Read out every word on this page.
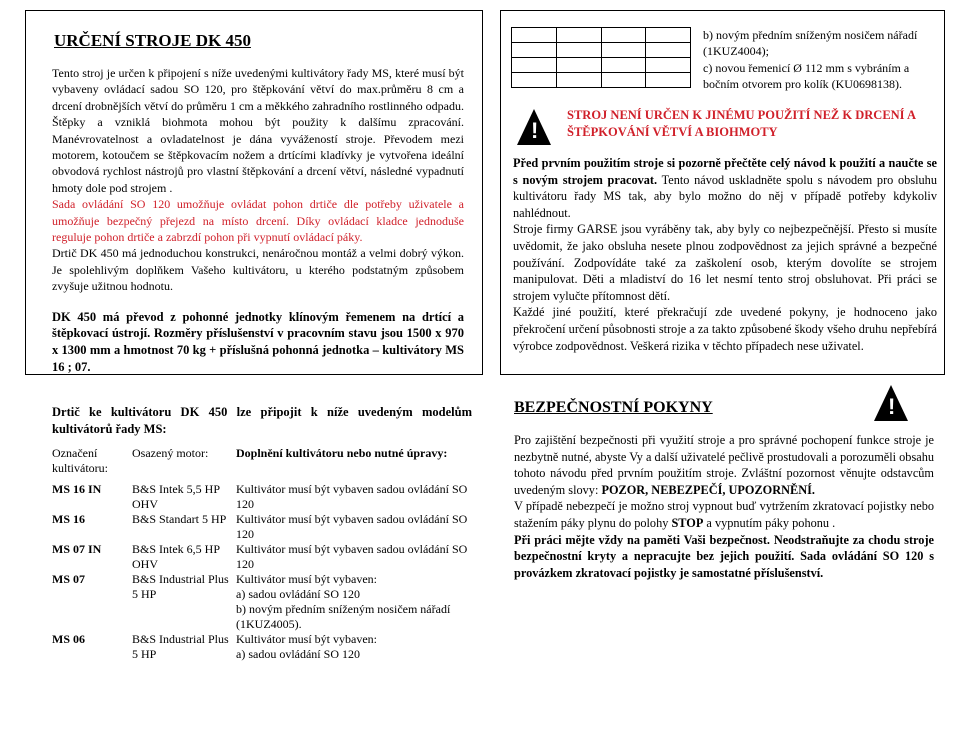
URČENÍ STROJE DK 450

Tento stroj je určen k připojení s níže uvedenými kultivátory řady MS, které musí být vybaveny ovládací sadou SO 120, pro štěpkování větví do max.průměru 8 cm a drcení drobnějších větví do průměru 1 cm a měkkého zahradního rostlinného odpadu. Štěpky a vzniklá biohmota mohou být použity k dalšímu zpracování. Manévrovatelnost a ovladatelnost je dána vyvážeností stroje. Převodem mezi motorem, kotoučem se štěpkovacím nožem a drtícími kladívky je vytvořena ideální obvodová rychlost nástrojů pro vlastní štěpkování a drcení větví, následné vypadnutí hmoty dole pod strojem .

Sada ovládání SO 120 umožňuje ovládat pohon drtiče dle potřeby uživatele a umožňuje bezpečný přejezd na místo drcení. Díky ovládací kladce jednoduše reguluje pohon drtiče a zabrzdí pohon při vypnutí ovládací páky.

Drtič DK 450 má jednoduchou konstrukci, nenáročnou montáž a velmi dobrý výkon. Je spolehlivým doplňkem Vašeho kultivátoru, u kterého podstatným způsobem zvyšuje užitnou hodnotu.

DK 450 má převod z pohonné jednotky klínovým řemenem na drtící a štěpkovací ústrojí. Rozměry příslušenství v pracovním stavu jsou 1500 x 970 x 1300 mm a hmotnost 70 kg + příslušná pohonná jednotka – kultivátory MS 16 ; 07.

b) novým předním sníženým nosičem nářadí (1KUZ4004);

c) novou řemenicí Ø 112 mm s vybráním a bočním otvorem pro kolík (KU0698138).

!
STROJ NENÍ URČEN K JINÉMU POUŽITÍ NEŽ K DRCENÍ A ŠTĚPKOVÁNÍ VĚTVÍ A BIOHMOTY

Před prvním použitím stroje si pozorně přečtěte celý návod k použití a naučte se s novým strojem pracovat. Tento návod uskladněte spolu s návodem pro obsluhu kultivátoru řady MS tak, aby bylo možno do něj v případě potřeby kdykoliv nahlédnout.

Stroje firmy GARSE jsou vyráběny tak, aby byly co nejbezpečnější. Přesto si musíte uvědomit, že jako obsluha nesete plnou zodpovědnost za jejich správné a bezpečné používání. Zodpovídáte také za zaškolení osob, kterým dovolíte se strojem manipulovat. Děti a mladiství do 16 let nesmí tento stroj obsluhovat. Při práci se strojem vylučte přítomnost dětí.

Každé jiné použití, které překračují zde uvedené pokyny, je hodnoceno jako překročení určení působnosti stroje a za takto způsobené škody všeho druhu nepřebírá výrobce zodpovědnost. Veškerá rizika v těchto případech nese uživatel.

Drtič ke kultivátoru DK 450 lze připojit k níže uvedeným modelům kultivátorů řady MS:
Označení kultivátoru:	Osazený motor:	Doplnění kultivátoru nebo nutné úpravy:
MS 16 IN	B&S Intek 5,5 HP OHV	Kultivátor musí být vybaven sadou ovládání SO 120
MS 16	B&S Standart 5 HP	Kultivátor musí být vybaven sadou ovládání SO 120
MS 07 IN	B&S Intek 6,5 HP OHV	Kultivátor musí být vybaven sadou ovládání SO 120
MS 07	B&S Industrial Plus 5 HP	Kultivátor musí být vybaven:
a) sadou ovládání SO 120
b) novým předním sníženým nosičem nářadí (1KUZ4005).

MS 06	B&S Industrial Plus 5 HP	Kultivátor musí být vybaven:
a) sadou ovládání SO 120
!
BEZPEČNOSTNÍ POKYNY

Pro zajištění bezpečnosti při využití stroje a pro správné pochopení funkce stroje je nezbytně nutné, abyste Vy a další uživatelé pečlivě prostudovali a porozuměli obsahu tohoto návodu před prvním použitím stroje. Zvláštní pozornost věnujte odstavcům uvedeným slovy: POZOR, NEBEZPEČÍ, UPOZORNĚNÍ.

V případě nebezpečí je možno stroj vypnout buď vytržením zkratovací pojistky nebo stažením páky plynu do polohy STOP a vypnutím páky pohonu .

Při práci mějte vždy na paměti Vaši bezpečnost. Neodstraňujte za chodu stroje bezpečnostní kryty a nepracujte bez jejich použití. Sada ovládání SO 120 s provázkem zkratovací pojistky je samostatné příslušenství.
